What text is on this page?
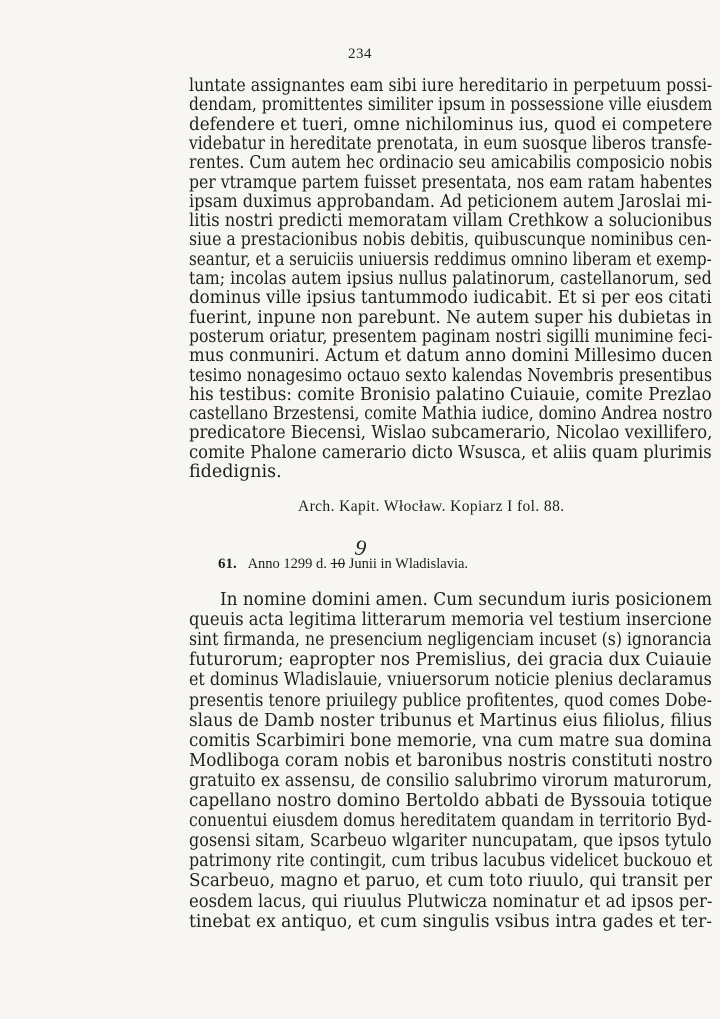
234
luntate assignantes eam sibi iure hereditario in perpetuum possi-
dendam, promittentes similiter ipsum in possessione ville eiusdem
defendere et tueri, omne nichilominus ius, quod ei competere
videbatur in hereditate prenotata, in eum suosque liberos transfe-
rentes. Cum autem hec ordinacio seu amicabilis composicio nobis
per vtramque partem fuisset presentata, nos eam ratam habentes
ipsam duximus approbandam. Ad peticionem autem Jaroslai mi-
litis nostri predicti memoratam villam Crethkow a solucionibus
siue a prestacionibus nobis debitis, quibuscunque nominibus cen-
seantur, et a seruiciis uniuersis reddimus omnino liberam et exemp-
tam; incolas autem ipsius nullus palatinorum, castellanorum, sed
dominus ville ipsius tantummodo iudicabit. Et si per eos citati
fuerint, inpune non parebunt. Ne autem super his dubietas in
posterum oriatur, presentem paginam nostri sigilli munimine feci-
mus conmuniri. Actum et datum anno domini Millesimo ducen
tesimo nonagesimo octauo sexto kalendas Novembris presentibus
his testibus: comite Bronisio palatino Cuiauie, comite Prezlao
castellano Brzestensi, comite Mathia iudice, domino Andrea nostro
predicatore Biecensi, Wislao subcamerario, Nicolao vexillifero,
comite Phalone camerario dicto Wsusca, et aliis quam plurimis
fidedignis.
Arch. Kapit. Włocław. Kopiarz I fol. 88.
61. Anno 1299 d. 10 Junii in Wladislavia.
9
In nomine domini amen. Cum secundum iuris posicionem
queuis acta legitima litterarum memoria vel testium insercione
sint firmanda, ne presencium negligenciam incuset (s) ignorancia
futurorum; eapropter nos Premislius, dei gracia dux Cuiauie
et dominus Wladislauie, vniuersorum noticie plenius declaramus
presentis tenore priuilegy publice profitentes, quod comes Dobe-
slaus de Damb noster tribunus et Martinus eius filiolus, filius
comitis Scarbimiri bone memorie, vna cum matre sua domina
Modliboga coram nobis et baronibus nostris constituti nostro
gratuito ex assensu, de consilio salubrimo virorum maturorum,
capellano nostro domino Bertoldo abbati de Byssouia totique
conuentui eiusdem domus hereditatem quandam in territorio Byd-
gosensi sitam, Scarbeuo wlgariter nuncupatam, que ipsos tytulo
patrimony rite contingit, cum tribus lacubus videlicet buckouo et
Scarbeuo, magno et paruo, et cum toto riuulo, qui transit per
eosdem lacus, qui riuulus Plutwicza nominatur et ad ipsos per-
tinebat ex antiquo, et cum singulis vsibus intra gades et ter-
